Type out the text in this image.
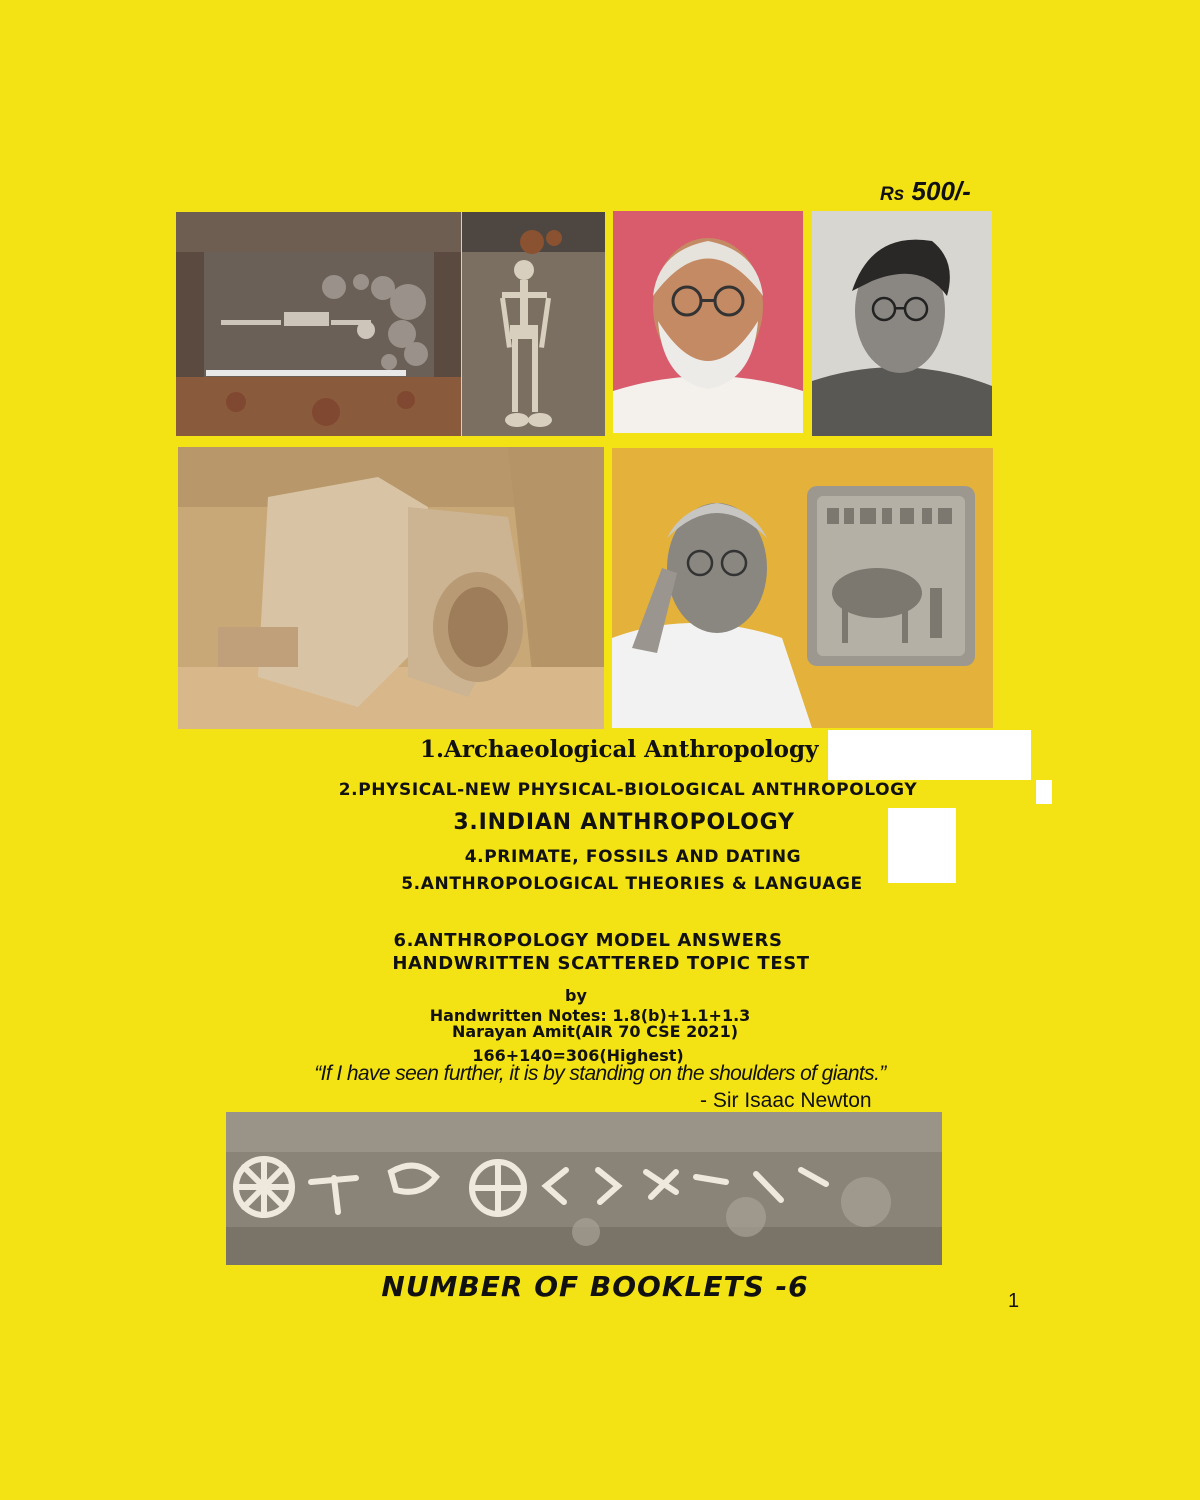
Rs 500/-
1.Archaeological Anthropology
2.PHYSICAL-NEW PHYSICAL-BIOLOGICAL ANTHROPOLOGY
3.INDIAN ANTHROPOLOGY
4.PRIMATE, FOSSILS AND DATING
5.ANTHROPOLOGICAL THEORIES & LANGUAGE
6.ANTHROPOLOGY MODEL ANSWERS
HANDWRITTEN SCATTERED TOPIC TEST
by
Handwritten Notes: 1.8(b)+1.1+1.3
Narayan Amit(AIR 70 CSE 2021)
166+140=306(Highest)
“If I have seen further, it is by standing on the shoulders of giants.”
- Sir Isaac Newton
NUMBER OF BOOKLETS -6	1
